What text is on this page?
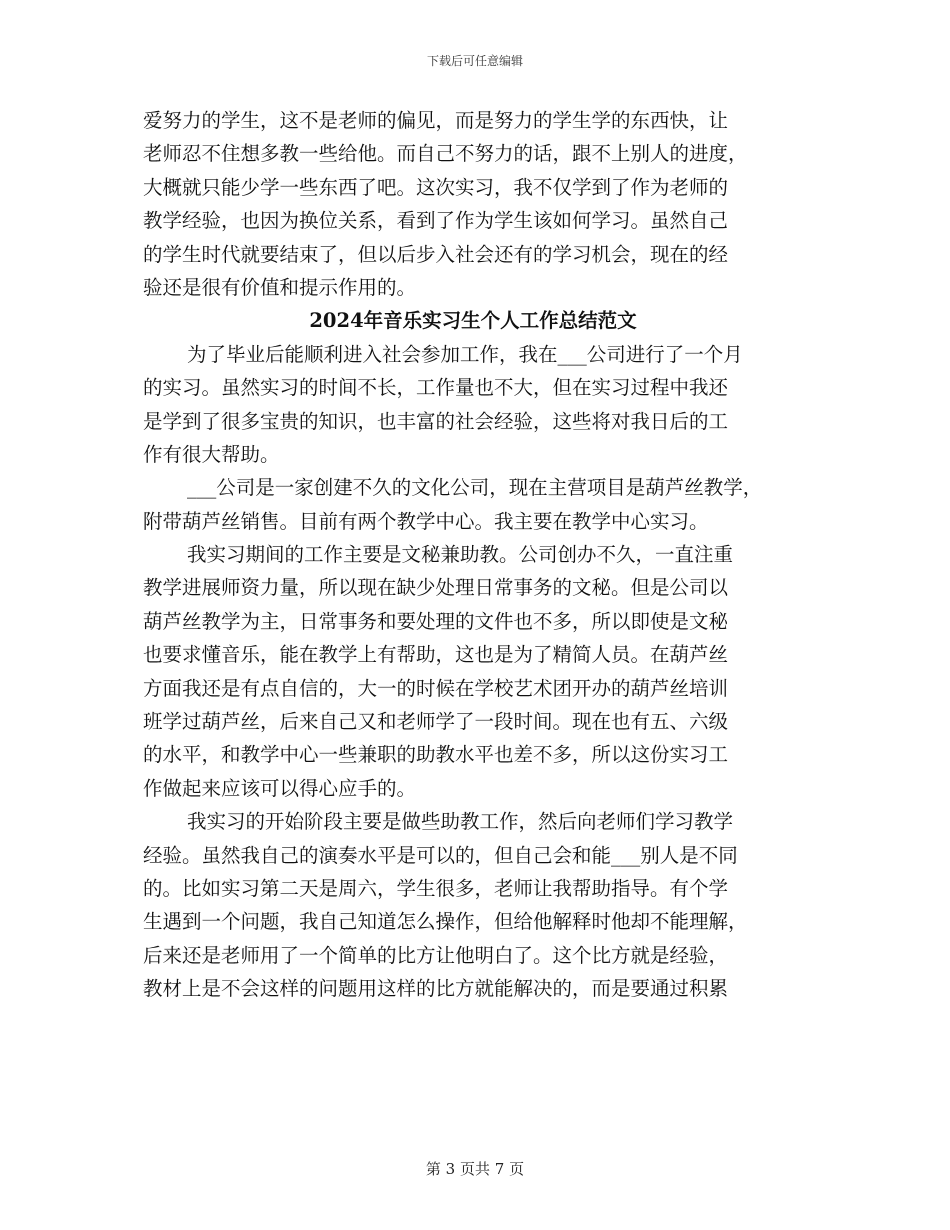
下载后可任意编辑
爱努力的学生，这不是老师的偏见，而是努力的学生学的东西快，让
老师忍不住想多教一些给他。而自己不努力的话，跟不上别人的进度，
大概就只能少学一些东西了吧。这次实习，我不仅学到了作为老师的
教学经验，也因为换位关系，看到了作为学生该如何学习。虽然自己
的学生时代就要结束了，但以后步入社会还有的学习机会，现在的经
验还是很有价值和提示作用的。
2024年音乐实习生个人工作总结范文
为了毕业后能顺利进入社会参加工作，我在___公司进行了一个月
的实习。虽然实习的时间不长，工作量也不大，但在实习过程中我还
是学到了很多宝贵的知识，也丰富的社会经验，这些将对我日后的工
作有很大帮助。
___公司是一家创建不久的文化公司，现在主营项目是葫芦丝教学，
附带葫芦丝销售。目前有两个教学中心。我主要在教学中心实习。
我实习期间的工作主要是文秘兼助教。公司创办不久，一直注重
教学进展师资力量，所以现在缺少处理日常事务的文秘。但是公司以
葫芦丝教学为主，日常事务和要处理的文件也不多，所以即使是文秘
也要求懂音乐，能在教学上有帮助，这也是为了精简人员。在葫芦丝
方面我还是有点自信的，大一的时候在学校艺术团开办的葫芦丝培训
班学过葫芦丝，后来自己又和老师学了一段时间。现在也有五、六级
的水平，和教学中心一些兼职的助教水平也差不多，所以这份实习工
作做起来应该可以得心应手的。
我实习的开始阶段主要是做些助教工作，然后向老师们学习教学
经验。虽然我自己的演奏水平是可以的，但自己会和能___别人是不同
的。比如实习第二天是周六，学生很多，老师让我帮助指导。有个学
生遇到一个问题，我自己知道怎么操作，但给他解释时他却不能理解，
后来还是老师用了一个简单的比方让他明白了。这个比方就是经验，
教材上是不会这样的问题用这样的比方就能解决的，而是要通过积累
第 3 页共 7 页
